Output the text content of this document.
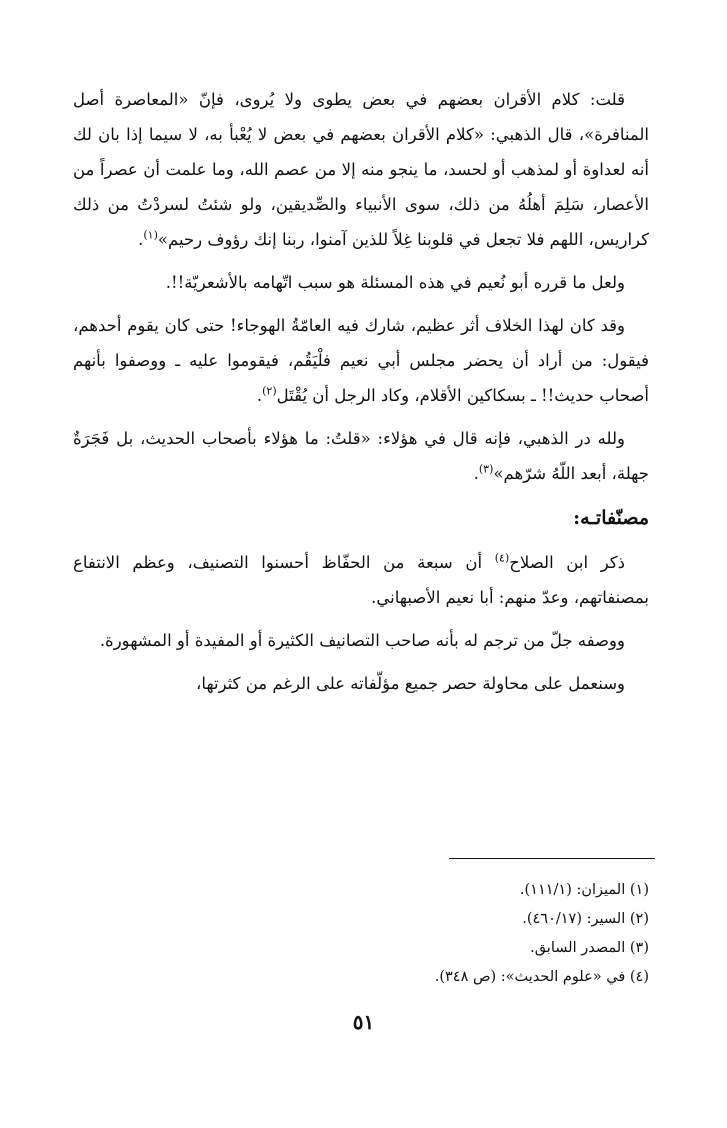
قلت: كلام الأقران بعضهم في بعض يطوى ولا يُروى، فإنّ «المعاصرة أصل المنافرة»، قال الذهبي: «كلام الأقران بعضهم في بعض لا يُعْبأ به، لا سيما إذا بان لك أنه لعداوة أو لمذهب أو لحسد، ما ينجو منه إلا من عصم الله، وما علمت أن عصراً من الأعصار، سَلِمَ أهلُهُ من ذلك، سوى الأنبياء والصِّديقين، ولو شئتُ لسردْتُ من ذلك كراريس، اللهم فلا تجعل في قلوبنا غِلاً للذين آمنوا، ربنا إنك رؤوف رحيم»$^{(١)}$.

ولعل ما قرره أبو نُعيم في هذه المسئلة هو سبب اتّهامه بالأشعريّة!!.

وقد كان لهذا الخلاف أثر عظيم، شارك فيه العامّةُ الهوجاء! حتى كان يقوم أحدهم، فيقول: من أراد أن يحضر مجلس أبي نعيم فلْيَقُم، فيقوموا عليه ـ ووصفوا بأنهم أصحاب حديث!! ـ بسكاكين الأقلام، وكاد الرجل أن يُقْتَل$^{(٢)}$.

ولله در الذهبي، فإنه قال في هؤلاء: «قلتُ: ما هؤلاء بأصحاب الحديث، بل فَجَرَةٌ جهلة، أبعد اللّهُ شرّهم»$^{(٣)}$.

مصنّفاتـه:

ذكر ابن الصلاح$^{(٤)}$ أن سبعة من الحفّاظ أحسنوا التصنيف، وعظم الانتفاع بمصنفاتهم، وعدّ منهم: أبا نعيم الأصبهاني.

ووصفه جلّ من ترجم له بأنه صاحب التصانيف الكثيرة أو المفيدة أو المشهورة.

وسنعمل على محاولة حصر جميع مؤلّفاته على الرغم من كثرتها،

(١) الميزان: (١١١/١).
(٢) السير: (٤٦٠/١٧).
(٣) المصدر السابق.
(٤) في «علوم الحديث»: (ص ٣٤٨).
٥١
